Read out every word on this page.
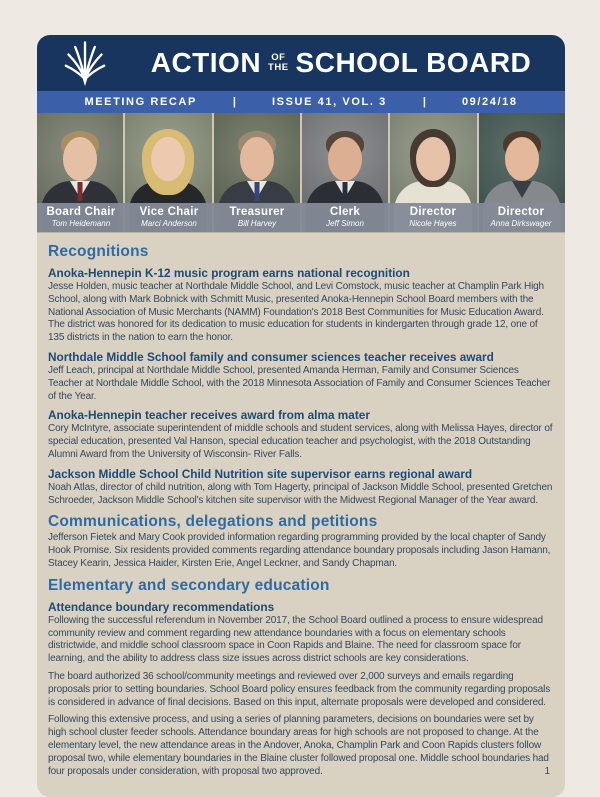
ACTION	OF
THE SCHOOL BOARD
MEETING RECAP	|	ISSUE 41, VOL. 3	|	09/24/18
Board Chair
Tom Heidemann
Vice Chair
Marci Anderson
Treasurer
Bill Harvey
Clerk
Jeff Simon
Director
Nicole Hayes
Director
Anna Dirkswager
Recognitions
Anoka-Hennepin K-12 music program earns national recognition

Jesse Holden, music teacher at Northdale Middle School, and Levi Comstock, music teacher at Champlin Park High School, along with Mark Bobnick with Schmitt Music, presented Anoka-Hennepin School Board members with the National Association of Music Merchants (NAMM) Foundation's 2018 Best Communities for Music Education Award. The district was honored for its dedication to music education for students in kindergarten through grade 12, one of 135 districts in the nation to earn the honor.

Northdale Middle School family and consumer sciences teacher receives award

Jeff Leach, principal at Northdale Middle School, presented Amanda Herman, Family and Consumer Sciences Teacher at Northdale Middle School, with the 2018 Minnesota Association of Family and Consumer Sciences Teacher of the Year.

Anoka-Hennepin teacher receives award from alma mater

Cory McIntyre, associate superintendent of middle schools and student services, along with Melissa Hayes, director of special education, presented Val Hanson, special education teacher and psychologist, with the 2018 Outstanding Alumni Award from the University of Wisconsin- River Falls.

Jackson Middle School Child Nutrition site supervisor earns regional award

Noah Atlas, director of child nutrition, along with Tom Hagerty, principal of Jackson Middle School, presented Gretchen Schroeder, Jackson Middle School's kitchen site supervisor with the Midwest Regional Manager of the Year award.

Communications, delegations and petitions

Jefferson Fietek and Mary Cook provided information regarding programming provided by the local chapter of Sandy Hook Promise. Six residents provided comments regarding attendance boundary proposals including Jason Hamann, Stacey Kearin, Jessica Haider, Kirsten Erie, Angel Leckner, and Sandy Chapman.

Elementary and secondary education
Attendance boundary recommendations

Following the successful referendum in November 2017, the School Board outlined a process to ensure widespread community review and comment regarding new attendance boundaries with a focus on elementary schools districtwide, and middle school classroom space in Coon Rapids and Blaine. The need for classroom space for learning, and the ability to address class size issues across district schools are key considerations.

The board authorized 36 school/community meetings and reviewed over 2,000 surveys and emails regarding proposals prior to setting boundaries. School Board policy ensures feedback from the community regarding proposals is considered in advance of final decisions. Based on this input, alternate proposals were developed and considered.

Following this extensive process, and using a series of planning parameters, decisions on boundaries were set by high school cluster feeder schools. Attendance boundary areas for high schools are not proposed to change. At the elementary level, the new attendance areas in the Andover, Anoka, Champlin Park and Coon Rapids clusters follow proposal two, while elementary boundaries in the Blaine cluster followed proposal one. Middle school boundaries had four proposals under consideration, with proposal two approved.	1
